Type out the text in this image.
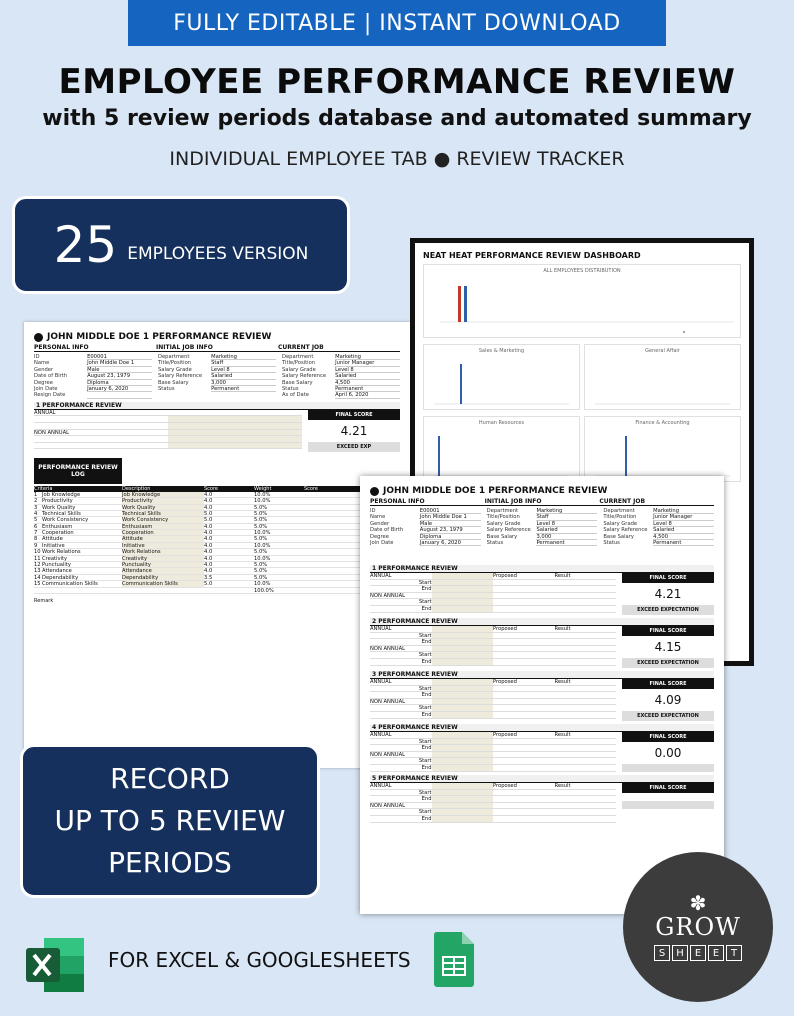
FULLY EDITABLE | INSTANT DOWNLOAD
EMPLOYEE PERFORMANCE REVIEW
with 5 review periods database and automated summary
INDIVIDUAL EMPLOYEE TAB ● REVIEW TRACKER
25 EMPLOYEES VERSION	NEAT HEAT PERFORMANCE REVIEW DASHBOARD
ALL EMPLOYEES DISTRIBUTION
Sales & Marketing	General Affair
Human Resources	Finance & Accounting
JOHN MIDDLE DOE 1 PERFORMANCE REVIEW
PERSONAL INFO	INITIAL JOB INFO	CURRENT JOB
ID	E00001
Name	John Middle Doe 1
Gender	Male
Date of Birth	August 23, 1979
Degree	Diploma
Join Date	January 6, 2020
Resign Date
Department	Marketing
Title/Position	Staff
Salary Grade	Level 8
Salary Reference	Salaried
Base Salary	3,000
Status	Permanent
Department	Marketing
Title/Position	Junior Manager
Salary Grade	Level 8
Salary Reference	Salaried
Base Salary	4,500
Status	Permanent
As of Date	April 6, 2020
1 PERFORMANCE REVIEW
ANNUAL
NON ANNUAL
FINAL SCORE
4.21
EXCEED EXP
PERFORMANCE REVIEW LOG
Criteria	Description	Score	Weight	Score
1 Job Knowledge	Job Knowledge	4.0	10.0%
2 Productivity	Productivity	4.0	10.0%
3 Work Quality	Work Quality	4.0	5.0%
4 Technical Skills	Technical Skills	5.0	5.0%
5 Work Consistency	Work Consistency	5.0	5.0%
6 Enthusiasm	Enthusiasm	4.0	5.0%
7 Cooperation	Cooperation	4.0	10.0%
8 Attitude	Attitude	4.0	5.0%
9 Initiative	Initiative	4.0	10.0%
10 Work Relations	Work Relations	4.0	5.0%
11 Creativity	Creativity	4.0	10.0%
12 Punctuality	Punctuality	4.0	5.0%
13 Attendance	Attendance	4.0	5.0%
14 Dependability	Dependability	3.5	5.0%
15 Communication Skills	Communication Skills	5.0	10.0%
100.0%
Remark
JOHN MIDDLE DOE 1 PERFORMANCE REVIEW
PERSONAL INFO	INITIAL JOB INFO	CURRENT JOB
ID	E00001
Name	John Middle Doe 1
Gender	Male
Date of Birth	August 23, 1979
Degree	Diploma
Join Date	January 6, 2020
Department	Marketing
Title/Position	Staff
Salary Grade	Level 8
Salary Reference	Salaried
Base Salary	3,000
Status	Permanent
Department	Marketing
Title/Position	Junior Manager
Salary Grade	Level 8
Salary Reference	Salaried
Base Salary	4,500
Status	Permanent
1 PERFORMANCE REVIEW
ANNUAL	Proposed	Result
Start
End
NON ANNUAL
Start
End
FINAL SCORE
4.21
EXCEED EXPECTATION
2 PERFORMANCE REVIEW
ANNUAL	Proposed	Result
Start
End
NON ANNUAL
Start
End
FINAL SCORE
4.15
EXCEED EXPECTATION
3 PERFORMANCE REVIEW
ANNUAL	Proposed	Result
Start
End
NON ANNUAL
Start
End
FINAL SCORE
4.09
EXCEED EXPECTATION
4 PERFORMANCE REVIEW
ANNUAL	Proposed	Result
Start
End
NON ANNUAL
Start
End
FINAL SCORE
0.00
5 PERFORMANCE REVIEW
ANNUAL	Proposed	Result
Start
End
NON ANNUAL
Start
End
FINAL SCORE
RECORD
UP TO 5 REVIEW
PERIODS
FOR EXCEL & GOOGLESHEETS
✽
GROW
S	H	E	E	T
